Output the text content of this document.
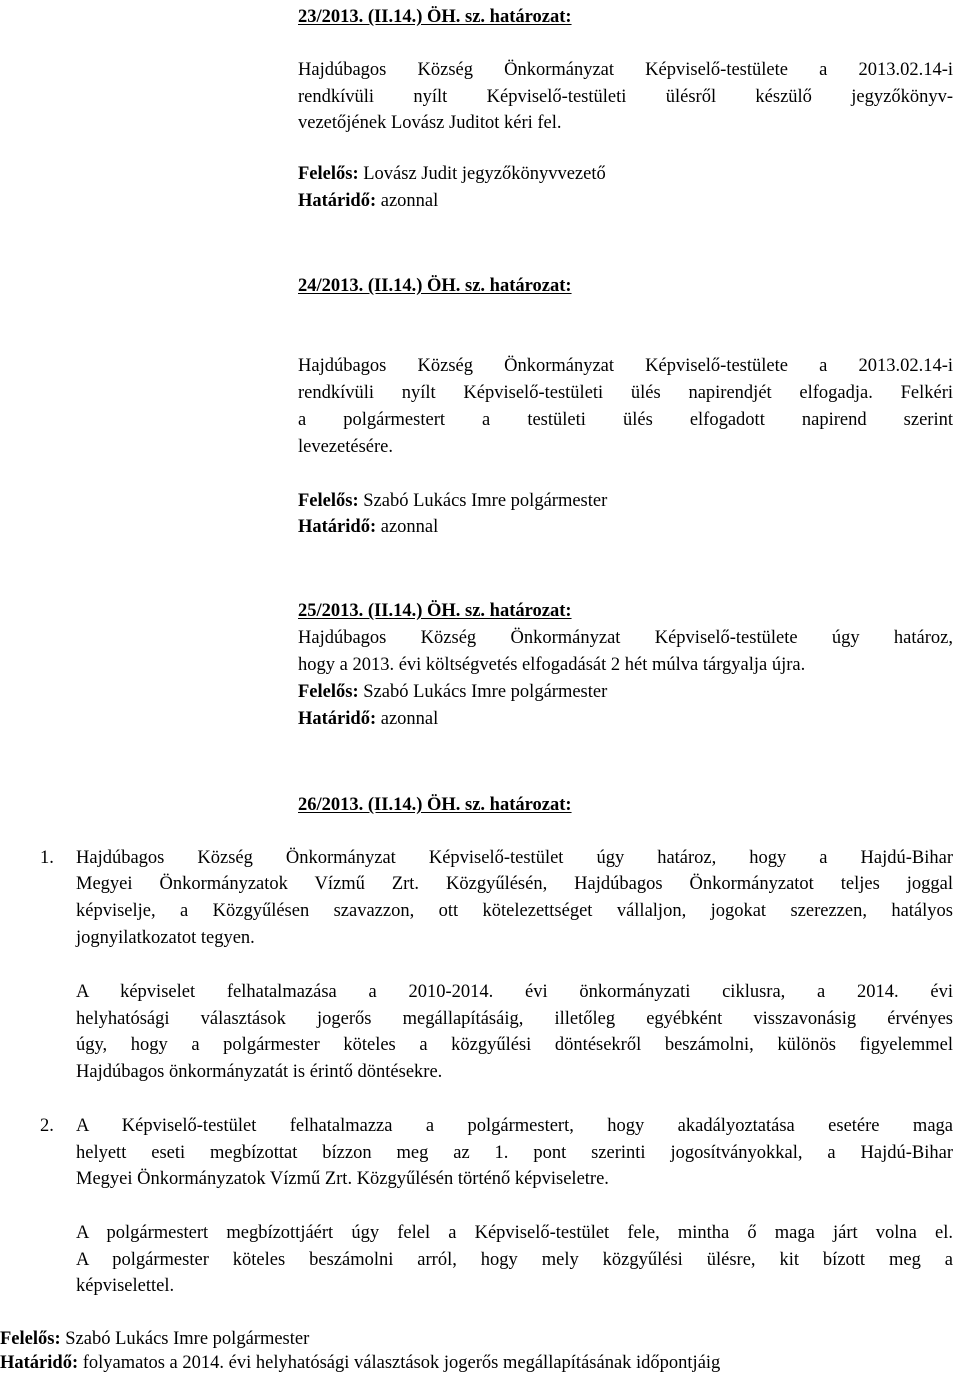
23/2013. (II.14.) ÖH. sz. határozat:
Hajdúbagos Község Önkormányzat Képviselő-testülete a 2013.02.14-i
rendkívüli nyílt Képviselő-testületi ülésről készülő jegyzőkönyv-
vezetőjének Lovász Juditot kéri fel.
Felelős: Lovász Judit jegyzőkönyvvezető
Határidő: azonnal
24/2013. (II.14.) ÖH. sz. határozat:
Hajdúbagos Község Önkormányzat Képviselő-testülete a 2013.02.14-i
rendkívüli nyílt Képviselő-testületi ülés napirendjét elfogadja. Felkéri
a polgármestert a testületi ülés elfogadott napirend szerint
levezetésére.
Felelős: Szabó Lukács Imre polgármester
Határidő: azonnal
25/2013. (II.14.) ÖH. sz. határozat:
Hajdúbagos Község Önkormányzat Képviselő-testülete úgy határoz,
hogy a 2013. évi költségvetés elfogadását 2 hét múlva tárgyalja újra.
Felelős: Szabó Lukács Imre polgármester
Határidő: azonnal
26/2013. (II.14.) ÖH. sz. határozat:
1. Hajdúbagos Község Önkormányzat Képviselő-testület úgy határoz, hogy a Hajdú-Bihar
Megyei Önkormányzatok Vízmű Zrt. Közgyűlésén, Hajdúbagos Önkormányzatot teljes joggal
képviselje, a Közgyűlésen szavazzon, ott kötelezettséget vállaljon, jogokat szerezzen, hatályos
jognyilatkozatot tegyen.
A képviselet felhatalmazása a 2010-2014. évi önkormányzati ciklusra, a 2014. évi
helyhatósági választások jogerős megállapításáig, illetőleg egyébként visszavonásig érvényes
úgy, hogy a polgármester köteles a közgyűlési döntésekről beszámolni, különös figyelemmel
Hajdúbagos önkormányzatát is érintő döntésekre.
2. A Képviselő-testület felhatalmazza a polgármestert, hogy akadályoztatása esetére maga
helyett eseti megbízottat bízzon meg az 1. pont szerinti jogosítványokkal, a Hajdú-Bihar
Megyei Önkormányzatok Vízmű Zrt. Közgyűlésén történő képviseletre.
A polgármestert megbízottjáért úgy felel a Képviselő-testület fele, mintha ő maga járt volna el.
A polgármester köteles beszámolni arról, hogy mely közgyűlési ülésre, kit bízott meg a
képviselettel.
Felelős: Szabó Lukács Imre polgármester
Határidő: folyamatos a 2014. évi helyhatósági választások jogerős megállapításának időpontjáig
